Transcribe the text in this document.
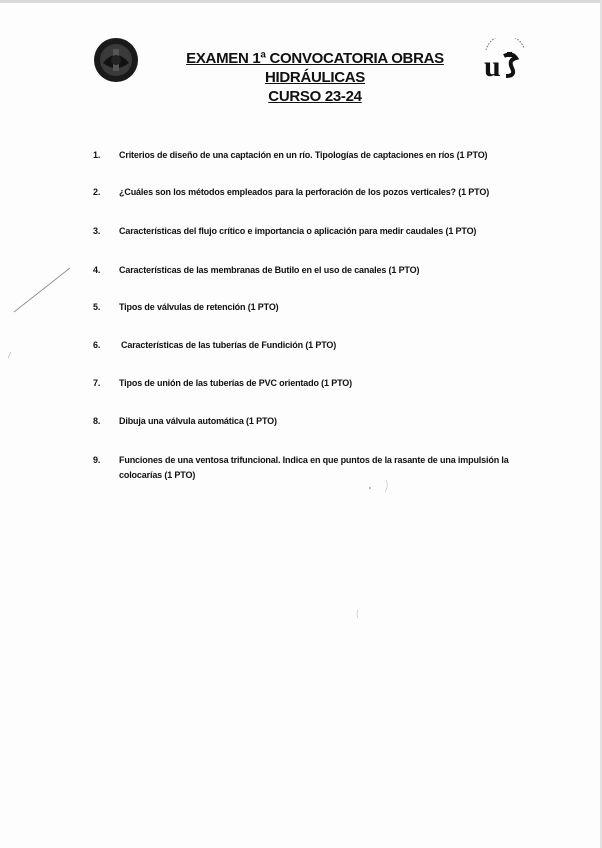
u
EXAMEN 1ª CONVOCATORIA OBRAS HIDRÁULICAS
CURSO 23-24
1.	Criterios de diseño de una captación en un río. Tipologías de captaciones en ríos (1 PTO)
2.	¿Cuáles son los métodos empleados para la perforación de los pozos verticales? (1 PTO)
3.	Características del flujo crítico e importancia o aplicación para medir caudales (1 PTO)
4.	Características de las membranas de Butilo en el uso de canales (1 PTO)
5.	Tipos de válvulas de retención (1 PTO)
6.	Características de las tuberías de Fundición (1 PTO)
7.	Tipos de unión de las tuberías de PVC orientado (1 PTO)
8.	Dibuja una válvula automática (1 PTO)
9.	Funciones de una ventosa trifuncional. Indica en que puntos de la rasante de una impulsión la colocarías (1 PTO)
